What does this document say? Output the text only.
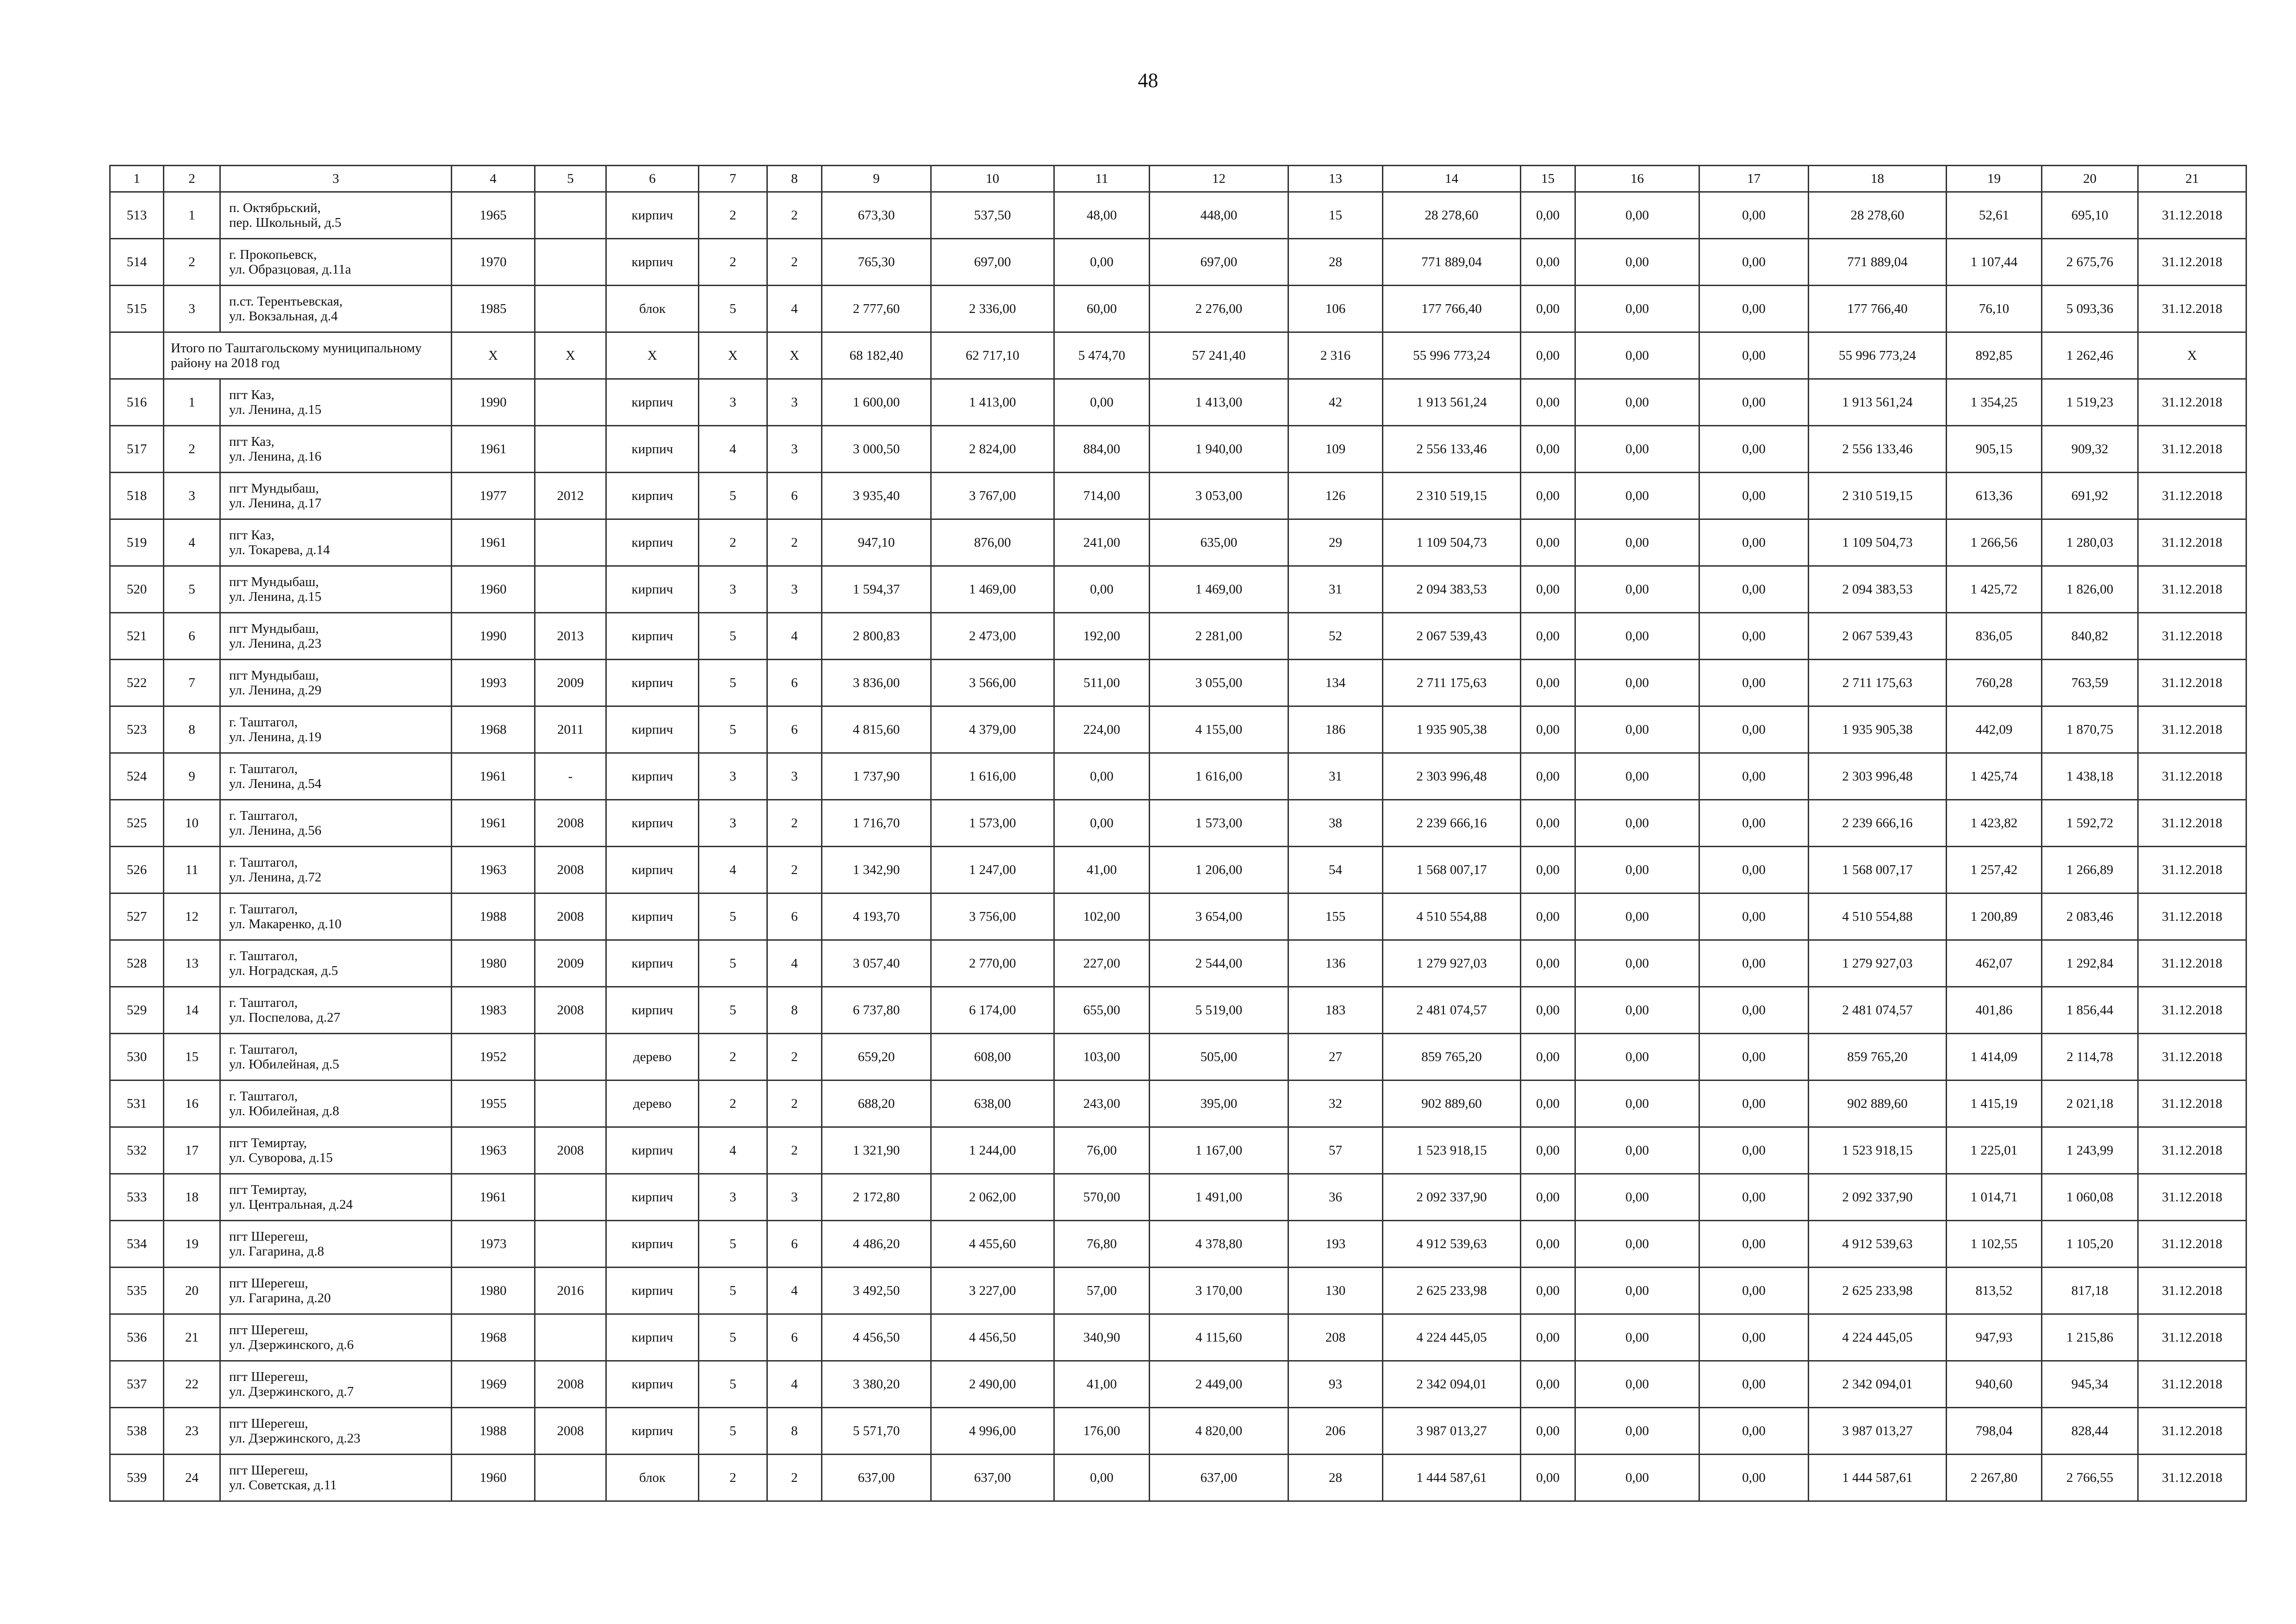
48
1	2	3	4	5	6	7	8	9	10	11	12	13	14	15	16	17	18	19	20	21
513	1	п. Октябрьский,
пер. Школьный, д.5	1965		кирпич	2	2	673,30	537,50	48,00	448,00	15	28 278,60	0,00	0,00	0,00	28 278,60	52,61	695,10	31.12.2018
514	2	г. Прокопьевск,
ул. Образцовая, д.11а	1970		кирпич	2	2	765,30	697,00	0,00	697,00	28	771 889,04	0,00	0,00	0,00	771 889,04	1 107,44	2 675,76	31.12.2018
515	3	п.ст. Терентьевская,
ул. Вокзальная, д.4	1985		блок	5	4	2 777,60	2 336,00	60,00	2 276,00	106	177 766,40	0,00	0,00	0,00	177 766,40	76,10	5 093,36	31.12.2018
	Итого по Таштагольскому муниципальному району на 2018 год		Х	Х	Х	Х	Х	68 182,40	62 717,10	5 474,70	57 241,40	2 316	55 996 773,24	0,00	0,00	0,00	55 996 773,24	892,85	1 262,46	Х
516	1	пгт Каз,
ул. Ленина, д.15	1990		кирпич	3	3	1 600,00	1 413,00	0,00	1 413,00	42	1 913 561,24	0,00	0,00	0,00	1 913 561,24	1 354,25	1 519,23	31.12.2018
517	2	пгт Каз,
ул. Ленина, д.16	1961		кирпич	4	3	3 000,50	2 824,00	884,00	1 940,00	109	2 556 133,46	0,00	0,00	0,00	2 556 133,46	905,15	909,32	31.12.2018
518	3	пгт Мундыбаш,
ул. Ленина, д.17	1977	2012	кирпич	5	6	3 935,40	3 767,00	714,00	3 053,00	126	2 310 519,15	0,00	0,00	0,00	2 310 519,15	613,36	691,92	31.12.2018
519	4	пгт Каз,
ул. Токарева, д.14	1961		кирпич	2	2	947,10	876,00	241,00	635,00	29	1 109 504,73	0,00	0,00	0,00	1 109 504,73	1 266,56	1 280,03	31.12.2018
520	5	пгт Мундыбаш,
ул. Ленина, д.15	1960		кирпич	3	3	1 594,37	1 469,00	0,00	1 469,00	31	2 094 383,53	0,00	0,00	0,00	2 094 383,53	1 425,72	1 826,00	31.12.2018
521	6	пгт Мундыбаш,
ул. Ленина, д.23	1990	2013	кирпич	5	4	2 800,83	2 473,00	192,00	2 281,00	52	2 067 539,43	0,00	0,00	0,00	2 067 539,43	836,05	840,82	31.12.2018
522	7	пгт Мундыбаш,
ул. Ленина, д.29	1993	2009	кирпич	5	6	3 836,00	3 566,00	511,00	3 055,00	134	2 711 175,63	0,00	0,00	0,00	2 711 175,63	760,28	763,59	31.12.2018
523	8	г. Таштагол,
ул. Ленина, д.19	1968	2011	кирпич	5	6	4 815,60	4 379,00	224,00	4 155,00	186	1 935 905,38	0,00	0,00	0,00	1 935 905,38	442,09	1 870,75	31.12.2018
524	9	г. Таштагол,
ул. Ленина, д.54	1961	-	кирпич	3	3	1 737,90	1 616,00	0,00	1 616,00	31	2 303 996,48	0,00	0,00	0,00	2 303 996,48	1 425,74	1 438,18	31.12.2018
525	10	г. Таштагол,
ул. Ленина, д.56	1961	2008	кирпич	3	2	1 716,70	1 573,00	0,00	1 573,00	38	2 239 666,16	0,00	0,00	0,00	2 239 666,16	1 423,82	1 592,72	31.12.2018
526	11	г. Таштагол,
ул. Ленина, д.72	1963	2008	кирпич	4	2	1 342,90	1 247,00	41,00	1 206,00	54	1 568 007,17	0,00	0,00	0,00	1 568 007,17	1 257,42	1 266,89	31.12.2018
527	12	г. Таштагол,
ул. Макаренко, д.10	1988	2008	кирпич	5	6	4 193,70	3 756,00	102,00	3 654,00	155	4 510 554,88	0,00	0,00	0,00	4 510 554,88	1 200,89	2 083,46	31.12.2018
528	13	г. Таштагол,
ул. Ноградская, д.5	1980	2009	кирпич	5	4	3 057,40	2 770,00	227,00	2 544,00	136	1 279 927,03	0,00	0,00	0,00	1 279 927,03	462,07	1 292,84	31.12.2018
529	14	г. Таштагол,
ул. Поспелова, д.27	1983	2008	кирпич	5	8	6 737,80	6 174,00	655,00	5 519,00	183	2 481 074,57	0,00	0,00	0,00	2 481 074,57	401,86	1 856,44	31.12.2018
530	15	г. Таштагол,
ул. Юбилейная, д.5	1952		дерево	2	2	659,20	608,00	103,00	505,00	27	859 765,20	0,00	0,00	0,00	859 765,20	1 414,09	2 114,78	31.12.2018
531	16	г. Таштагол,
ул. Юбилейная, д.8	1955		дерево	2	2	688,20	638,00	243,00	395,00	32	902 889,60	0,00	0,00	0,00	902 889,60	1 415,19	2 021,18	31.12.2018
532	17	пгт Темиртау,
ул. Суворова, д.15	1963	2008	кирпич	4	2	1 321,90	1 244,00	76,00	1 167,00	57	1 523 918,15	0,00	0,00	0,00	1 523 918,15	1 225,01	1 243,99	31.12.2018
533	18	пгт Темиртау,
ул. Центральная, д.24	1961		кирпич	3	3	2 172,80	2 062,00	570,00	1 491,00	36	2 092 337,90	0,00	0,00	0,00	2 092 337,90	1 014,71	1 060,08	31.12.2018
534	19	пгт Шерегеш,
ул. Гагарина, д.8	1973		кирпич	5	6	4 486,20	4 455,60	76,80	4 378,80	193	4 912 539,63	0,00	0,00	0,00	4 912 539,63	1 102,55	1 105,20	31.12.2018
535	20	пгт Шерегеш,
ул. Гагарина, д.20	1980	2016	кирпич	5	4	3 492,50	3 227,00	57,00	3 170,00	130	2 625 233,98	0,00	0,00	0,00	2 625 233,98	813,52	817,18	31.12.2018
536	21	пгт Шерегеш,
ул. Дзержинского, д.6	1968		кирпич	5	6	4 456,50	4 456,50	340,90	4 115,60	208	4 224 445,05	0,00	0,00	0,00	4 224 445,05	947,93	1 215,86	31.12.2018
537	22	пгт Шерегеш,
ул. Дзержинского, д.7	1969	2008	кирпич	5	4	3 380,20	2 490,00	41,00	2 449,00	93	2 342 094,01	0,00	0,00	0,00	2 342 094,01	940,60	945,34	31.12.2018
538	23	пгт Шерегеш,
ул. Дзержинского, д.23	1988	2008	кирпич	5	8	5 571,70	4 996,00	176,00	4 820,00	206	3 987 013,27	0,00	0,00	0,00	3 987 013,27	798,04	828,44	31.12.2018
539	24	пгт Шерегеш,
ул. Советская, д.11	1960		блок	2	2	637,00	637,00	0,00	637,00	28	1 444 587,61	0,00	0,00	0,00	1 444 587,61	2 267,80	2 766,55	31.12.2018
